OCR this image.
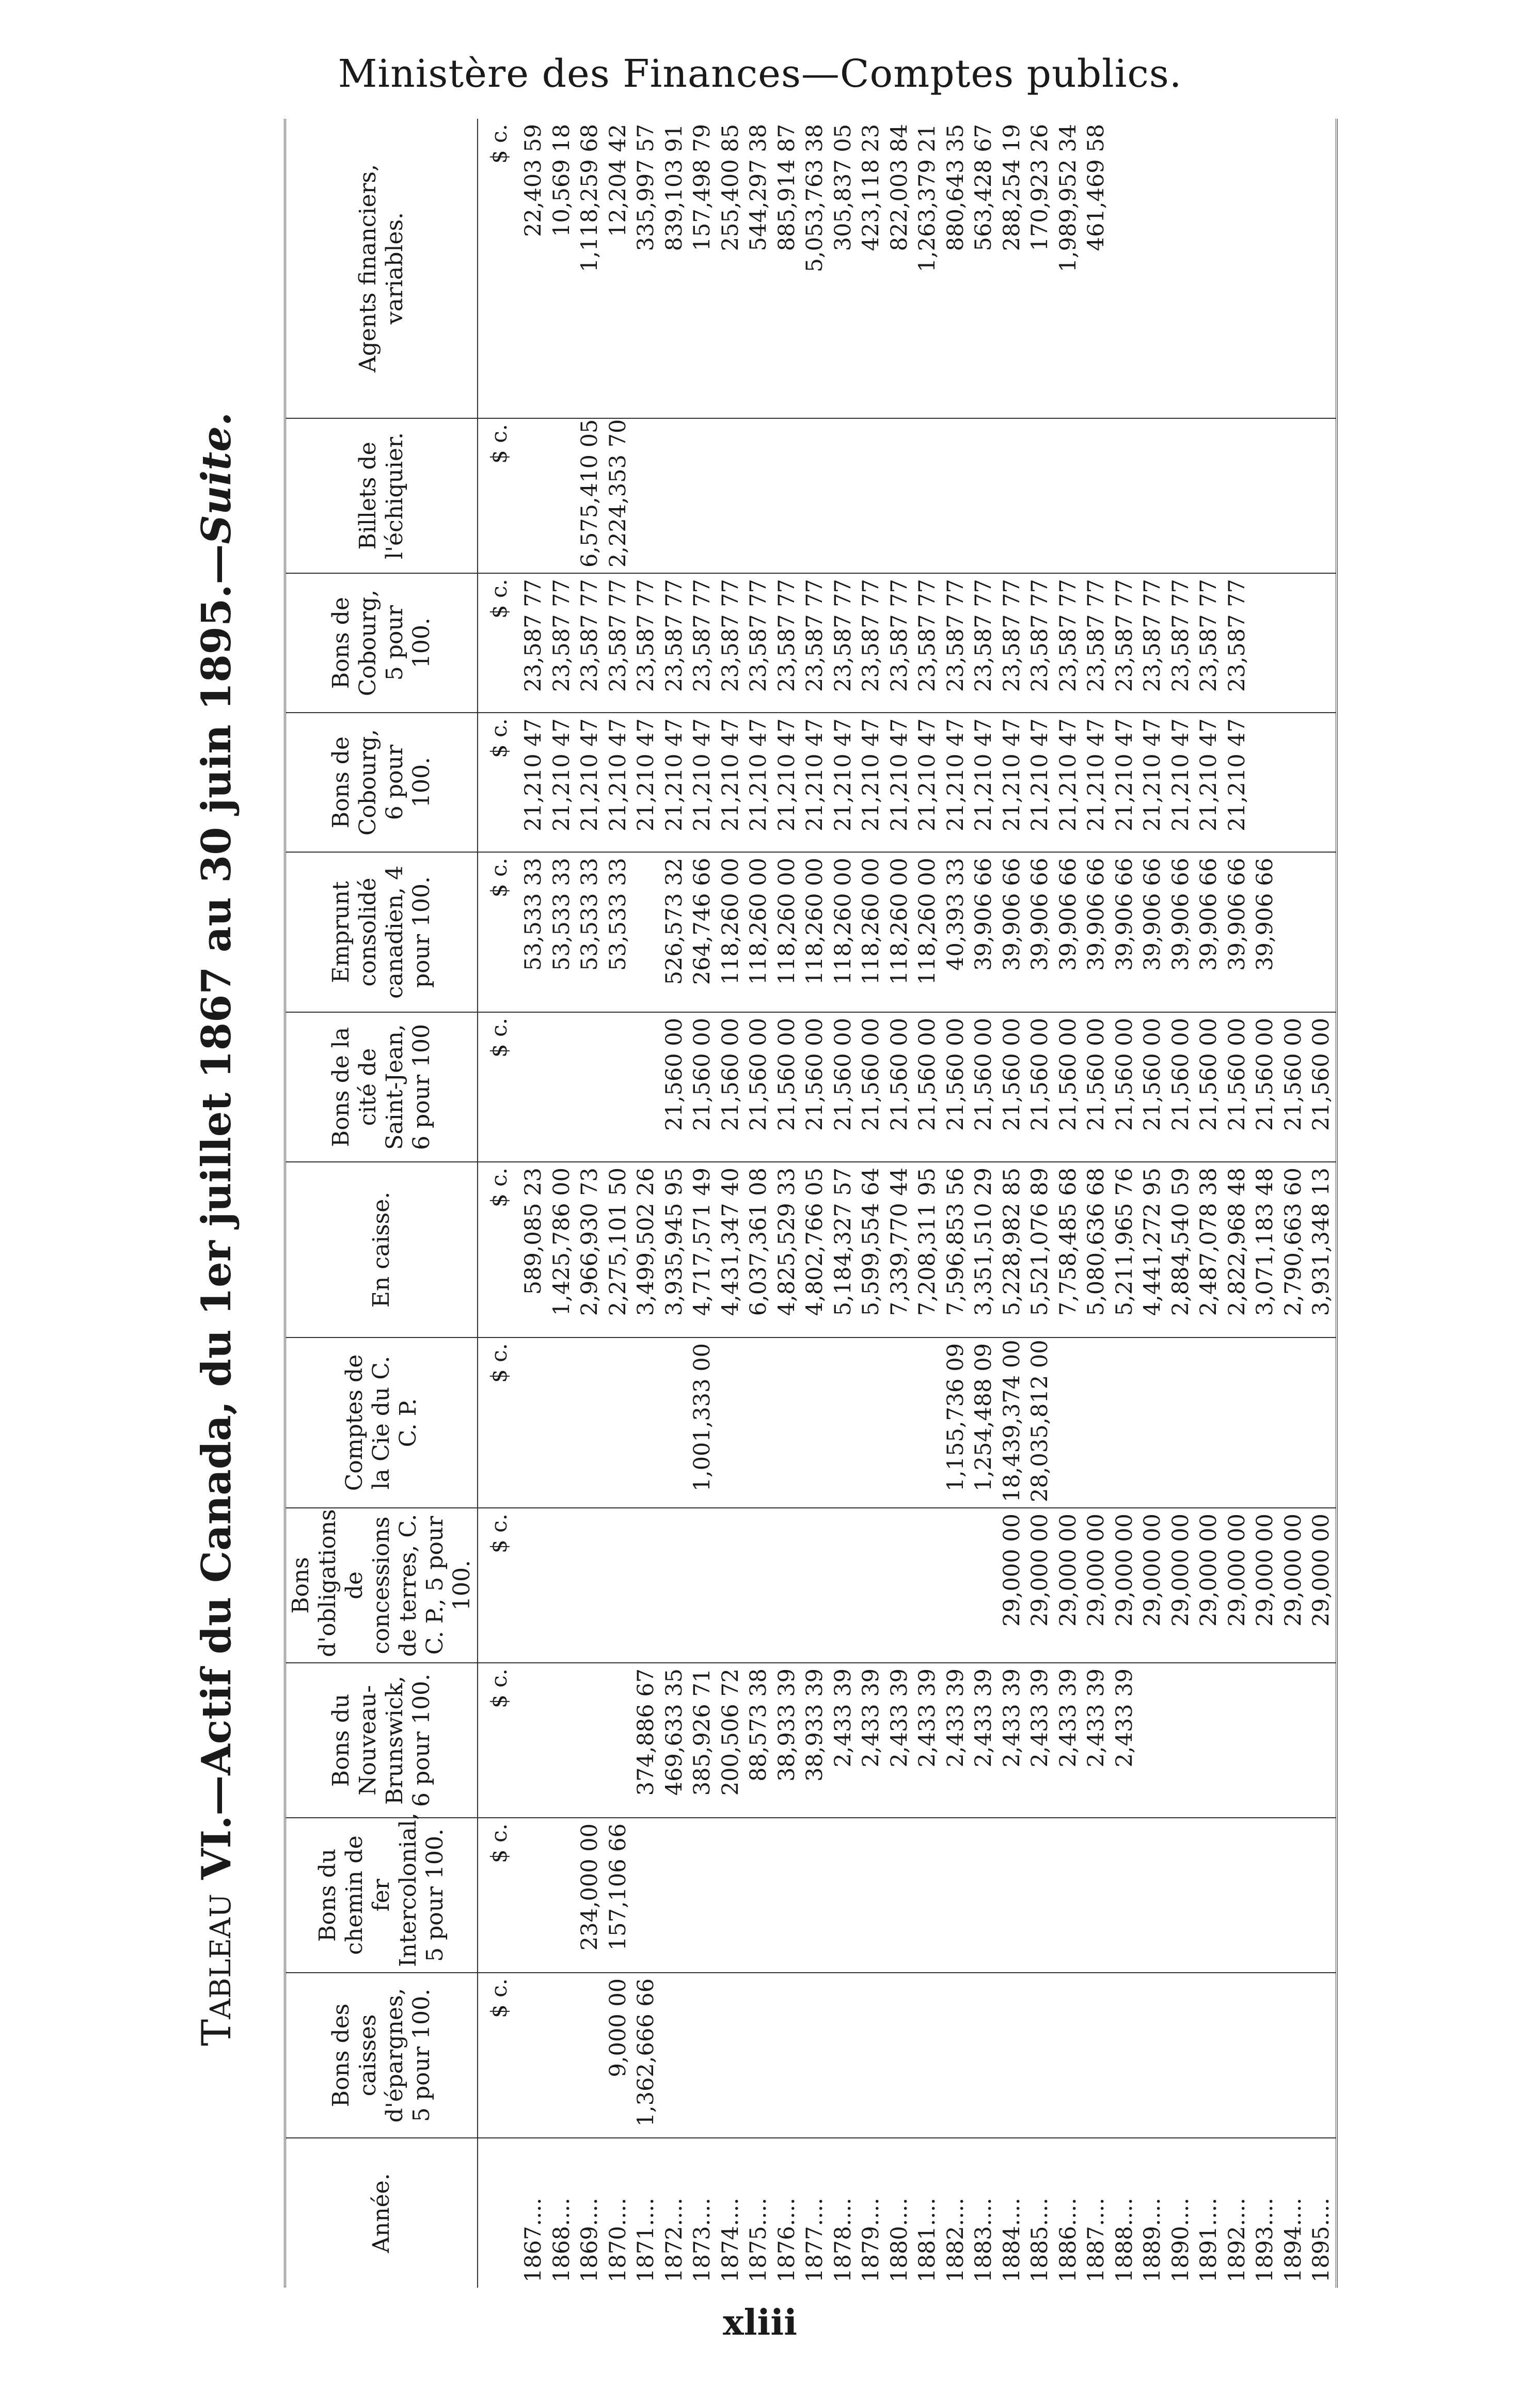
Ministère des Finances—Comptes publics.
Tableau VI.—Actif du Canada, du 1er juillet 1867 au 30 juin 1895.—Suite.
Année.	Bons des caisses d'épargnes, 5 pour 100.	Bons du chemin de fer Intercolonial, 5 pour 100.	Bons du Nouveau-Brunswick, 6 pour 100.	Bons d'obligations de concessions de terres, C. C. P., 5 pour 100.	Comptes de la Cie du C. C. P.	En caisse.	Bons de la cité de Saint-Jean, 6 pour 100	Emprunt consolidé canadien, 4 pour 100.	Bons de Cobourg, 6 pour 100.	Bons de Cobourg, 5 pour 100.	Billets de l'échiquier.	Agents financiers, variables.
	$ c.	$ c.	$ c.	$ c.	$ c.	$ c.	$ c.	$ c.	$ c.	$ c.	$ c.	$ c.
1867....						589,085 23		53,533 33	21,210 47	23,587 77		22,403 59
1868....						1,425,786 00		53,533 33	21,210 47	23,587 77		10,569 18
1869....		234,000 00				2,966,930 73		53,533 33	21,210 47	23,587 77	6,575,410 05	1,118,259 68
1870....	9,000 00	157,106 66				2,275,101 50		53,533 33	21,210 47	23,587 77	2,224,353 70	12,204 42
1871....	1,362,666 66		374,886 67			3,499,502 26			21,210 47	23,587 77		335,997 57
1872....			469,633 35			3,935,945 95	21,560 00	526,573 32	21,210 47	23,587 77		839,103 91
1873....			385,926 71		1,001,333 00	4,717,571 49	21,560 00	264,746 66	21,210 47	23,587 77		157,498 79
1874....			200,506 72			4,431,347 40	21,560 00	118,260 00	21,210 47	23,587 77		255,400 85
1875....			88,573 38			6,037,361 08	21,560 00	118,260 00	21,210 47	23,587 77		544,297 38
1876....			38,933 39			4,825,529 33	21,560 00	118,260 00	21,210 47	23,587 77		885,914 87
1877....			38,933 39			4,802,766 05	21,560 00	118,260 00	21,210 47	23,587 77		5,053,763 38
1878....			2,433 39			5,184,327 57	21,560 00	118,260 00	21,210 47	23,587 77		305,837 05
1879....			2,433 39			5,599,554 64	21,560 00	118,260 00	21,210 47	23,587 77		423,118 23
1880....			2,433 39			7,339,770 44	21,560 00	118,260 00	21,210 47	23,587 77		822,003 84
1881....			2,433 39			7,208,311 95	21,560 00	118,260 00	21,210 47	23,587 77		1,263,379 21
1882....			2,433 39		1,155,736 09	7,596,853 56	21,560 00	40,393 33	21,210 47	23,587 77		880,643 35
1883....			2,433 39		1,254,488 09	3,351,510 29	21,560 00	39,906 66	21,210 47	23,587 77		563,428 67
1884....			2,433 39	29,000 00	18,439,374 00	5,228,982 85	21,560 00	39,906 66	21,210 47	23,587 77		288,254 19
1885....			2,433 39	29,000 00	28,035,812 00	5,521,076 89	21,560 00	39,906 66	21,210 47	23,587 77		170,923 26
1886....			2,433 39	29,000 00		7,758,485 68	21,560 00	39,906 66	21,210 47	23,587 77		1,989,952 34
1887....			2,433 39	29,000 00		5,080,636 68	21,560 00	39,906 66	21,210 47	23,587 77		461,469 58
1888....			2,433 39	29,000 00		5,211,965 76	21,560 00	39,906 66	21,210 47	23,587 77		
1889....				29,000 00		4,441,272 95	21,560 00	39,906 66	21,210 47	23,587 77		
1890....				29,000 00		2,884,540 59	21,560 00	39,906 66	21,210 47	23,587 77		
1891....				29,000 00		2,487,078 38	21,560 00	39,906 66	21,210 47	23,587 77		
1892....				29,000 00		2,822,968 48	21,560 00	39,906 66	21,210 47	23,587 77		
1893....				29,000 00		3,071,183 48	21,560 00	39,906 66				
1894....				29,000 00		2,790,663 60	21,560 00					
1895....				29,000 00		3,931,348 13	21,560 00					
xliii
